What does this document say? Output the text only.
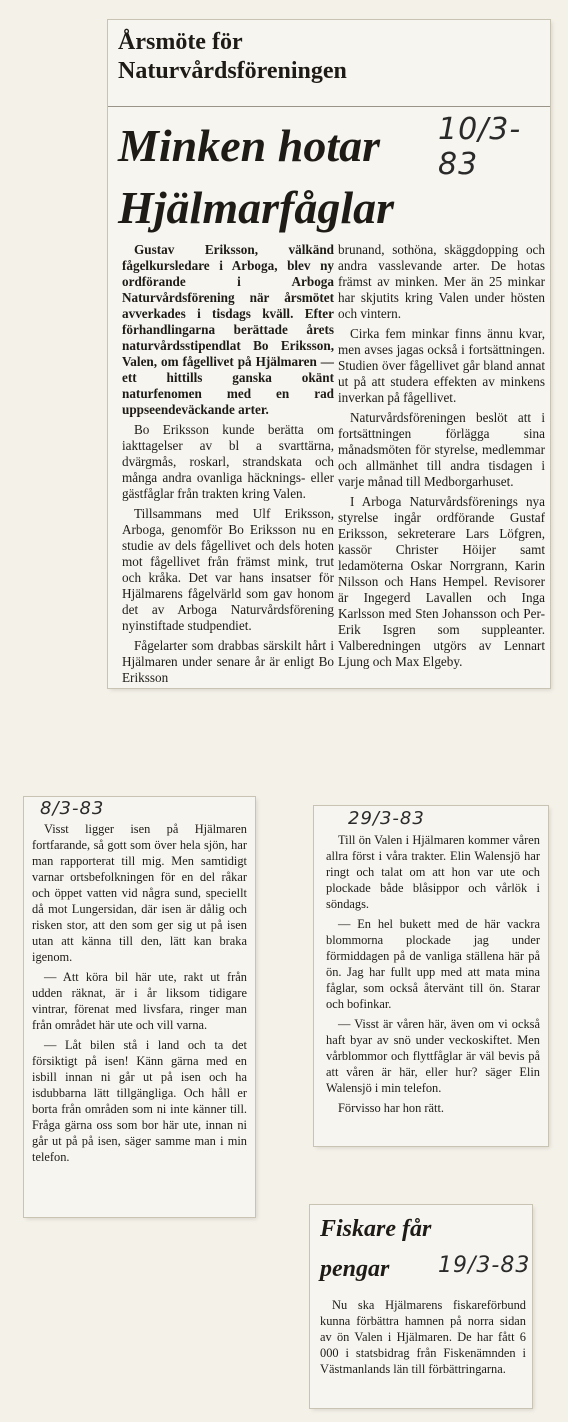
Årsmöte för
Naturvårdsföreningen
Minken hotar
Hjälmarfåglar
10/3-83

Gustav Eriksson, välkänd fågelkursledare i Arboga, blev ny ordförande i Arboga Naturvårdsförening när årsmötet avverkades i tisdags kväll. Efter förhandlingarna berättade årets naturvårdsstipendlat Bo Eriksson, Valen, om fågellivet på Hjälmaren — ett hittills ganska okänt naturfenomen med en rad uppseendeväckande arter.

Bo Eriksson kunde berätta om iakttagelser av bl a svarttärna, dvärgmås, roskarl, strandskata och många andra ovanliga häcknings- eller gästfåglar från trakten kring Valen.

Tillsammans med Ulf Eriksson, Arboga, genomför Bo Eriksson nu en studie av dels fågellivet och dels hoten mot fågellivet från främst mink, trut och kråka. Det var hans insatser för Hjälmarens fågelvärld som gav honom det av Arboga Naturvårdsförening nyinstiftade studpendiet.

Fågelarter som drabbas särskilt hårt i Hjälmaren under senare år är enligt Bo Eriksson

brunand, sothöna, skäggdopping och andra vasslevande arter. De hotas främst av minken. Mer än 25 minkar har skjutits kring Valen under hösten och vintern.

Cirka fem minkar finns ännu kvar, men avses jagas också i fortsättningen. Studien över fågellivet går bland annat ut på att studera effekten av minkens inverkan på fågellivet.

Naturvårdsföreningen beslöt att i fortsättningen förlägga sina månadsmöten för styrelse, medlemmar och allmänhet till andra tisdagen i varje månad till Medborgarhuset.

I Arboga Naturvårdsförenings nya styrelse ingår ordförande Gustaf Eriksson, sekreterare Lars Löfgren, kassör Christer Höijer samt ledamöterna Oskar Norrgrann, Karin Nilsson och Hans Hempel. Revisorer är Ingegerd Lavallen och Inga Karlsson med Sten Johansson och Per-Erik Isgren som suppleanter. Valberedningen utgörs av Lennart Ljung och Max Elgeby.

8/3-83

Visst ligger isen på Hjälmaren fortfarande, så gott som över hela sjön, har man rapporterat till mig. Men samtidigt varnar ortsbefolkningen för en del råkar och öppet vatten vid några sund, speciellt då mot Lungersidan, där isen är dålig och risken stor, att den som ger sig ut på isen utan att känna till den, lätt kan braka igenom.

— Att köra bil här ute, rakt ut från udden räknat, är i år liksom tidigare vintrar, förenat med livsfara, ringer man från området här ute och vill varna.

— Låt bilen stå i land och ta det försiktigt på isen! Känn gärna med en isbill innan ni går ut på isen och ha isdubbarna lätt tillgängliga. Och håll er borta från områden som ni inte känner till. Fråga gärna oss som bor här ute, innan ni går ut på på isen, säger samme man i min telefon.

29/3-83

Till ön Valen i Hjälmaren kommer våren allra först i våra trakter. Elin Walensjö har ringt och talat om att hon var ute och plockade både blåsippor och vårlök i söndags.

— En hel bukett med de här vackra blommorna plockade jag under förmiddagen på de vanliga ställena här på ön. Jag har fullt upp med att mata mina fåglar, som också återvänt till ön. Starar och bofinkar.

— Visst är våren här, även om vi också haft byar av snö under veckoskiftet. Men vårblommor och flyttfåglar är väl bevis på att våren är här, eller hur? säger Elin Walensjö i min telefon.

Förvisso har hon rätt.

Fiskare får
pengar	19/3-83

Nu ska Hjälmarens fiskareförbund kunna förbättra hamnen på norra sidan av ön Valen i Hjälmaren. De har fått 6 000 i statsbidrag från Fiskenämnden i Västmanlands län till förbättringarna.
